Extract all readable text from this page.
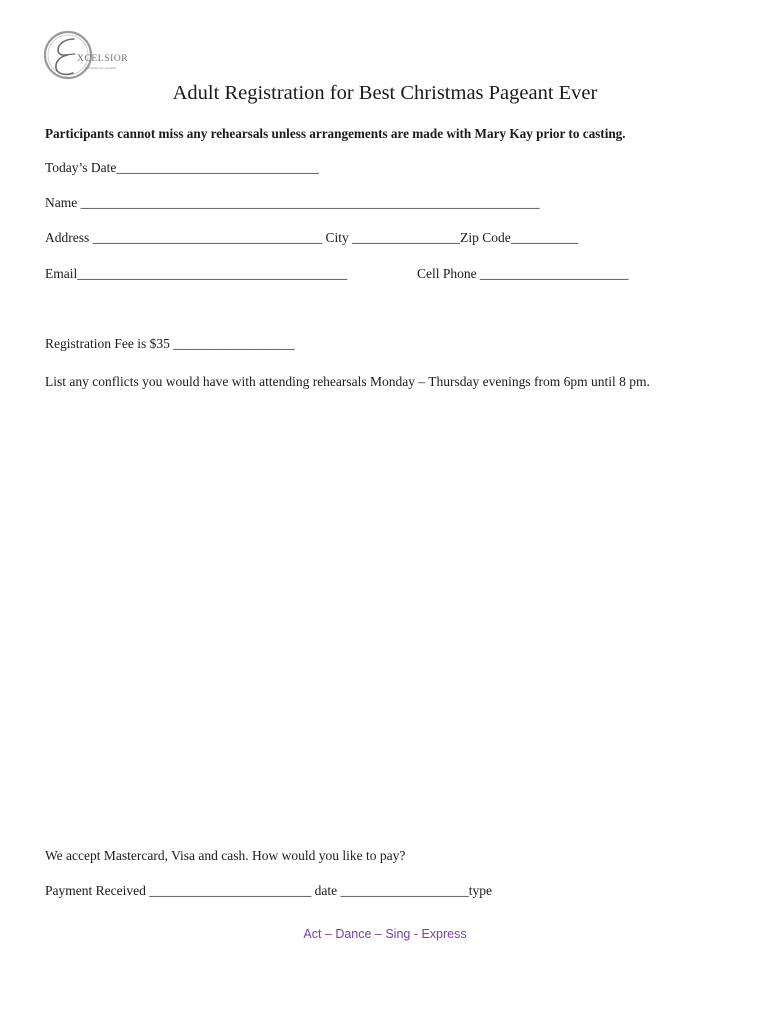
XCELSIOR
Performing Arts Academy
Adult Registration for Best Christmas Pageant Ever
Participants cannot miss any rehearsals unless arrangements are made with Mary Kay prior to casting.
Today’s Date______________________________
Name ____________________________________________________________________
Address __________________________________ City ________________Zip Code__________
Email________________________________________	Cell Phone ______________________
Registration Fee is $35 __________________
List any conflicts you would have with attending rehearsals Monday – Thursday evenings from 6pm until 8 pm.
We accept Mastercard, Visa and cash. How would you like to pay?
Payment Received ________________________ date ___________________type
Act – Dance – Sing - Express
